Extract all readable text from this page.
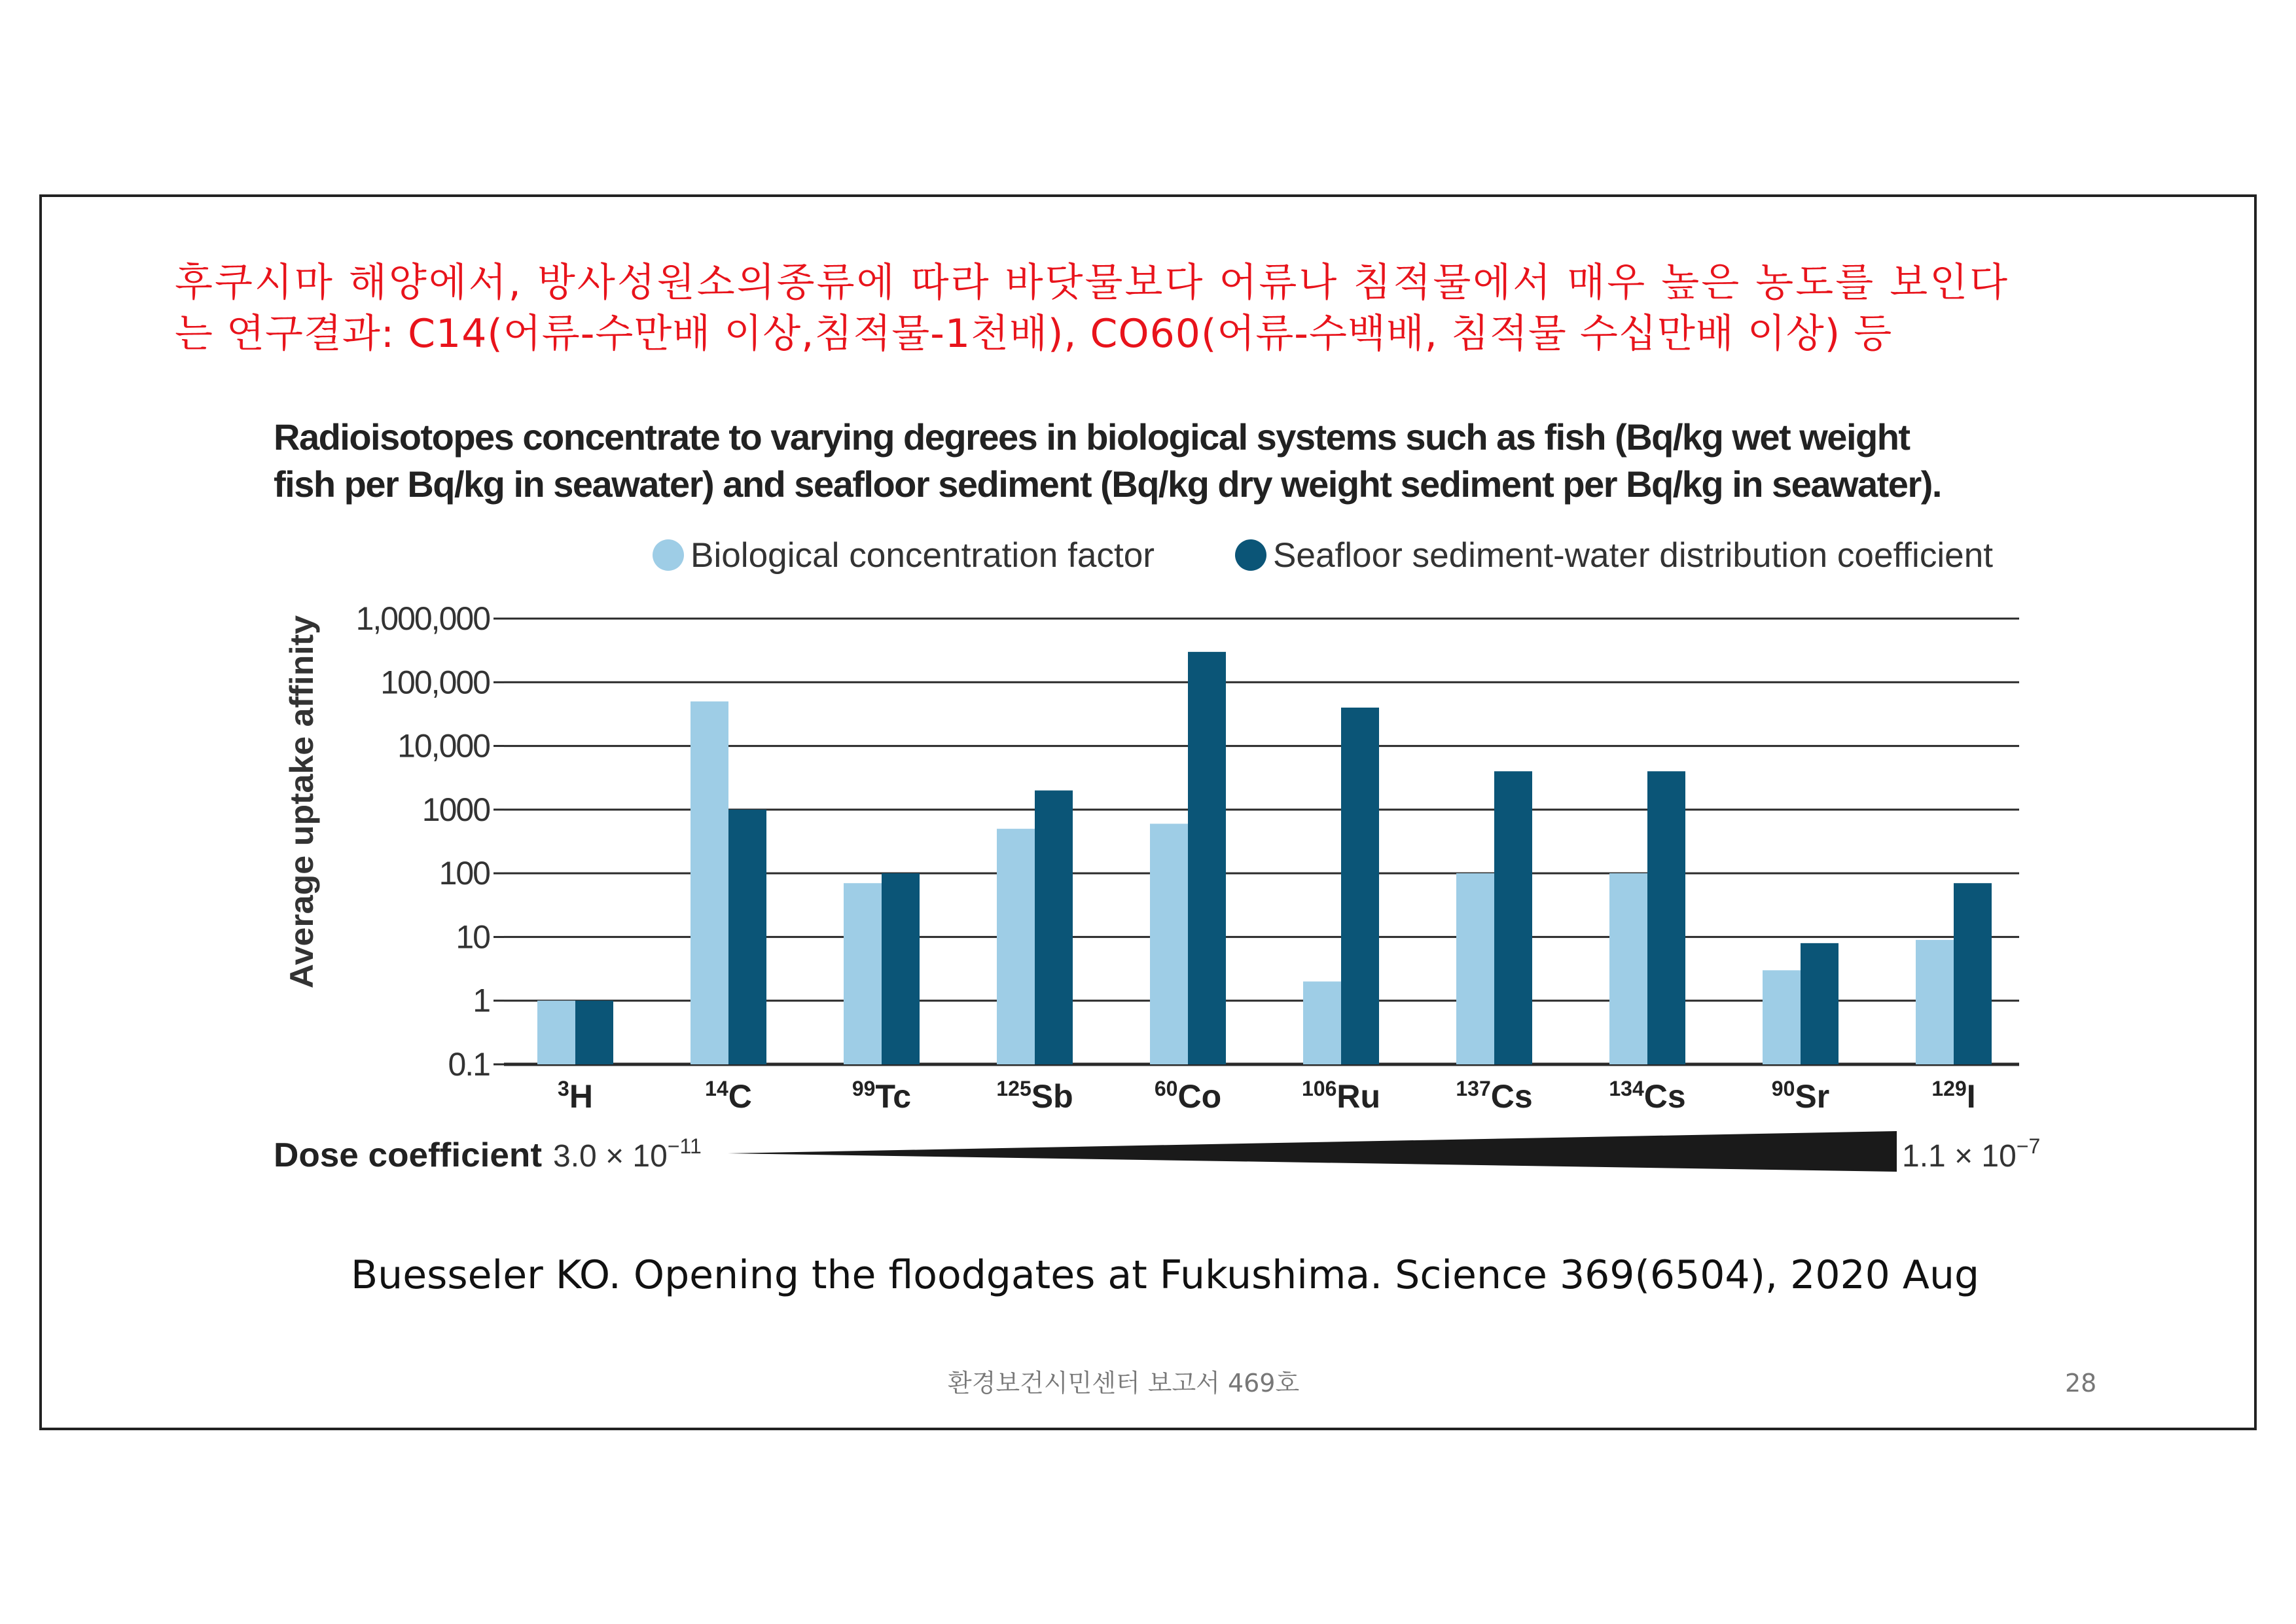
후쿠시마 해양에서, 방사성원소의종류에 따라 바닷물보다 어류나 침적물에서 매우 높은 농도를 보인다
는 연구결과: C14(어류-수만배 이상,침적물-1천배), CO60(어류-수백배, 침적물 수십만배 이상) 등
Radioisotopes concentrate to varying degrees in biological systems such as fish (Bq/kg wet weight
fish per Bq/kg in seawater) and seafloor sediment (Bq/kg dry weight sediment per Bq/kg in seawater).
Biological concentration factor	Seafloor sediment-water distribution coefficient
Average uptake affinity
0.1
1
10
100
1000
10,000
100,000
1,000,000
3H	14C	99Tc	125Sb	60Co	106Ru	137Cs	134Cs	90Sr	129I
Dose coefficient $3.0 \times 10^{-11}$	$1.1 \times 10^{-7}$
Buesseler KO. Opening the floodgates at Fukushima. Science 369(6504), 2020 Aug
환경보건시민센터 보고서 469호	28
